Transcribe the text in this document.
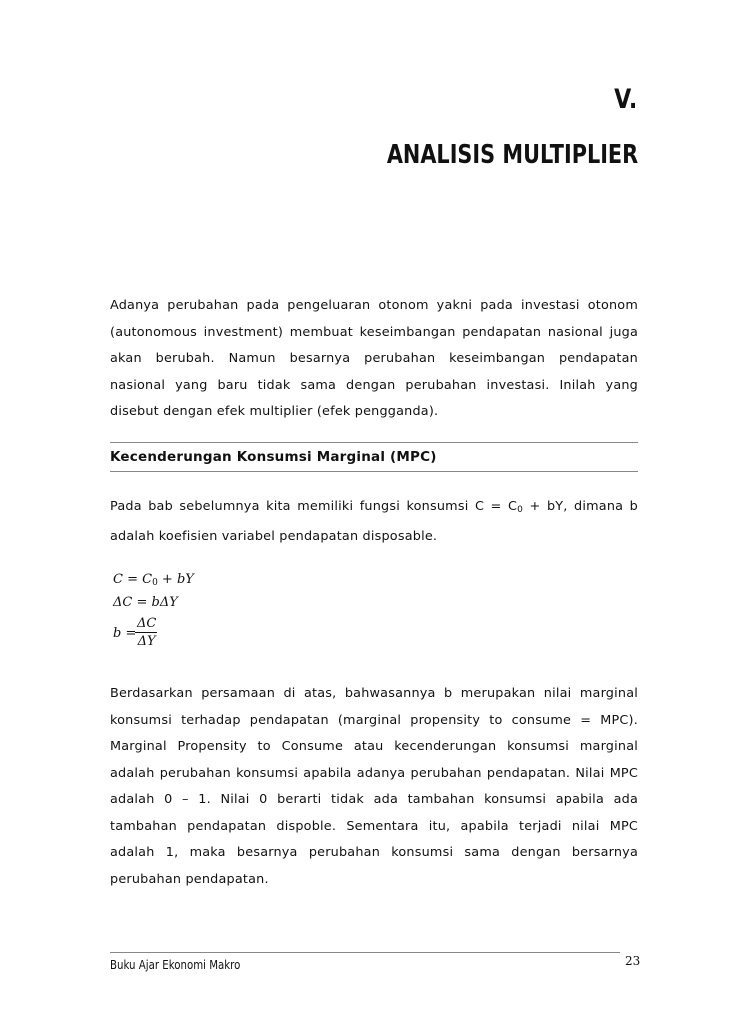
V.
ANALISIS MULTIPLIER
Adanya perubahan pada pengeluaran otonom yakni pada investasi otonom (autonomous investment) membuat keseimbangan pendapatan nasional juga akan berubah. Namun besarnya perubahan keseimbangan pendapatan nasional yang baru tidak sama dengan perubahan investasi. Inilah yang disebut dengan efek multiplier (efek pengganda).
Kecenderungan Konsumsi Marginal (MPC)
Pada bab sebelumnya kita memiliki fungsi konsumsi $C = C_0$ + bY, dimana b adalah koefisien variabel pendapatan disposable.
$C = C_0$ + bY
ΔC = bΔY
b =
ΔC
ΔY
Berdasarkan persamaan di atas, bahwasannya b merupakan nilai marginal konsumsi terhadap pendapatan (marginal propensity to consume = MPC). Marginal Propensity to Consume atau kecenderungan konsumsi marginal adalah perubahan konsumsi apabila adanya perubahan pendapatan. Nilai MPC adalah 0 – 1. Nilai 0 berarti tidak ada tambahan konsumsi apabila ada tambahan pendapatan dispoble. Sementara itu, apabila terjadi nilai MPC adalah 1, maka besarnya perubahan konsumsi sama dengan bersarnya perubahan pendapatan.
Buku Ajar Ekonomi Makro	23
